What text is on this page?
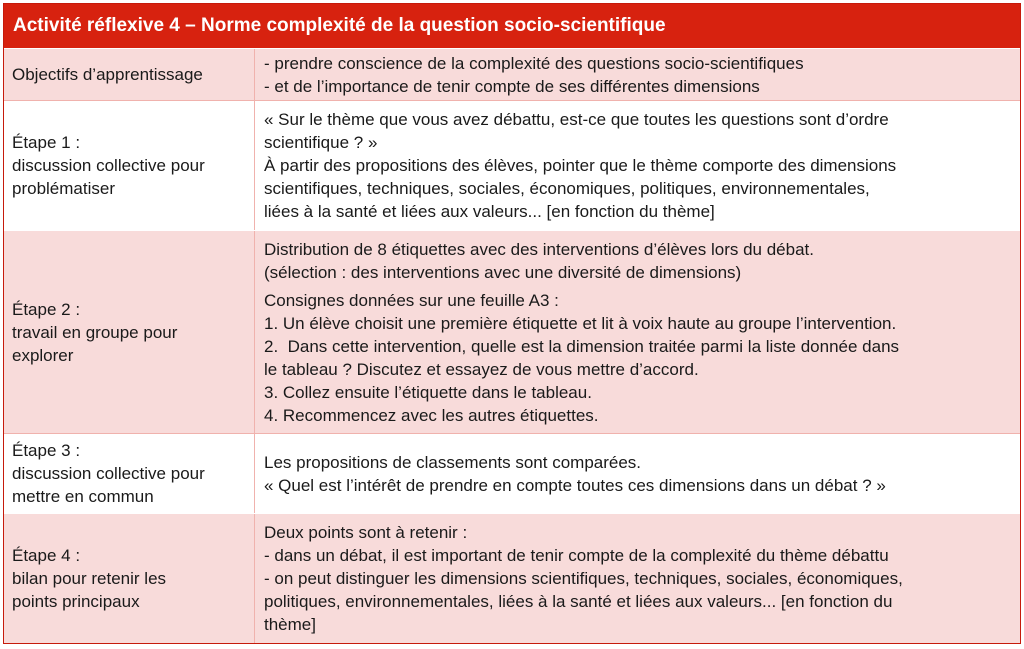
Activité réflexive 4 – Norme complexité de la question socio-scientifique
Objectifs d’apprentissage
- prendre conscience de la complexité des questions socio-scientifiques
- et de l’importance de tenir compte de ses différentes dimensions
Étape 1 :
discussion collective pour
problématiser
« Sur le thème que vous avez débattu, est-ce que toutes les questions sont d’ordre
scientifique ? »
À partir des propositions des élèves, pointer que le thème comporte des dimensions
scientifiques, techniques, sociales, économiques, politiques, environnementales,
liées à la santé et liées aux valeurs... [en fonction du thème]
Étape 2 :
travail en groupe pour
explorer
Distribution de 8 étiquettes avec des interventions d’élèves lors du débat.
(sélection : des interventions avec une diversité de dimensions)
Consignes données sur une feuille A3 :
1. Un élève choisit une première étiquette et lit à voix haute au groupe l’intervention.
2.  Dans cette intervention, quelle est la dimension traitée parmi la liste donnée dans
le tableau ? Discutez et essayez de vous mettre d’accord.
3. Collez ensuite l’étiquette dans le tableau.
4. Recommencez avec les autres étiquettes.
Étape 3 :
discussion collective pour
mettre en commun
Les propositions de classements sont comparées.
« Quel est l’intérêt de prendre en compte toutes ces dimensions dans un débat ? »
Étape 4 :
bilan pour retenir les
points principaux
Deux points sont à retenir :
- dans un débat, il est important de tenir compte de la complexité du thème débattu
- on peut distinguer les dimensions scientifiques, techniques, sociales, économiques,
politiques, environnementales, liées à la santé et liées aux valeurs... [en fonction du
thème]
